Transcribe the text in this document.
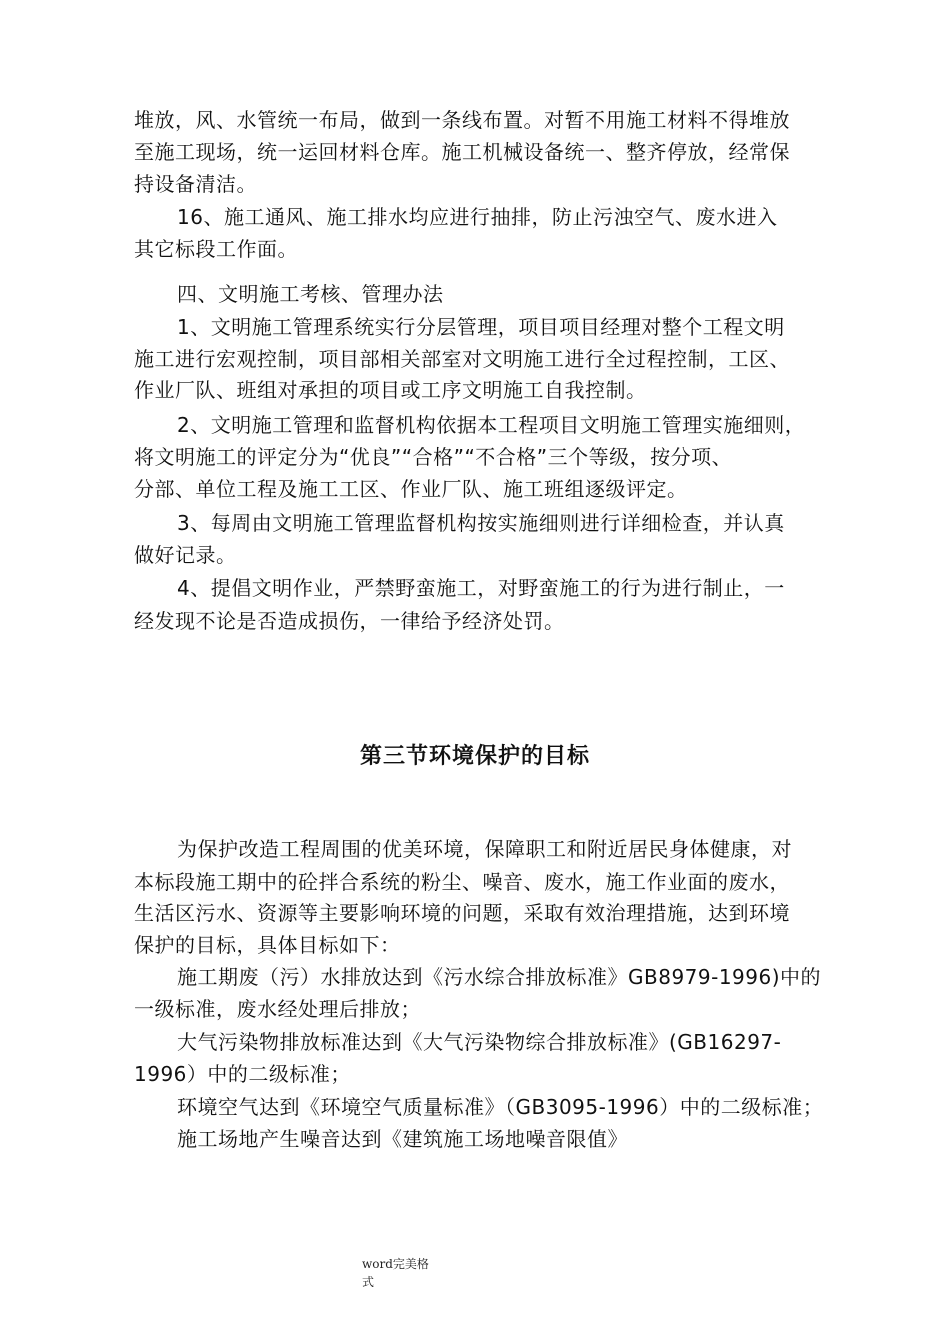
堆放，风、水管统一布局，做到一条线布置。对暂不用施工材料不得堆放
至施工现场，统一运回材料仓库。施工机械设备统一、整齐停放，经常保
持设备清洁。
16、施工通风、施工排水均应进行抽排，防止污浊空气、废水进入
其它标段工作面。
四、文明施工考核、管理办法
1、文明施工管理系统实行分层管理，项目项目经理对整个工程文明
施工进行宏观控制，项目部相关部室对文明施工进行全过程控制，工区、
作业厂队、班组对承担的项目或工序文明施工自我控制。
2、文明施工管理和监督机构依据本工程项目文明施工管理实施细则，
将文明施工的评定分为“优良”“合格”“不合格”三个等级，按分项、
分部、单位工程及施工工区、作业厂队、施工班组逐级评定。
3、每周由文明施工管理监督机构按实施细则进行详细检查，并认真
做好记录。
4、提倡文明作业，严禁野蛮施工，对野蛮施工的行为进行制止，一
经发现不论是否造成损伤，一律给予经济处罚。
第三节环境保护的目标
为保护改造工程周围的优美环境，保障职工和附近居民身体健康，对
本标段施工期中的砼拌合系统的粉尘、噪音、废水，施工作业面的废水，
生活区污水、资源等主要影响环境的问题，采取有效治理措施，达到环境
保护的目标，具体目标如下：
施工期废（污）水排放达到《污水综合排放标准》GB8979-1996)中的
一级标准，废水经处理后排放；
大气污染物排放标准达到《大气污染物综合排放标准》(GB16297-
1996）中的二级标准；
环境空气达到《环境空气质量标准》（GB3095-1996）中的二级标准；
施工场地产生噪音达到《建筑施工场地噪音限值》
word完美格
式
